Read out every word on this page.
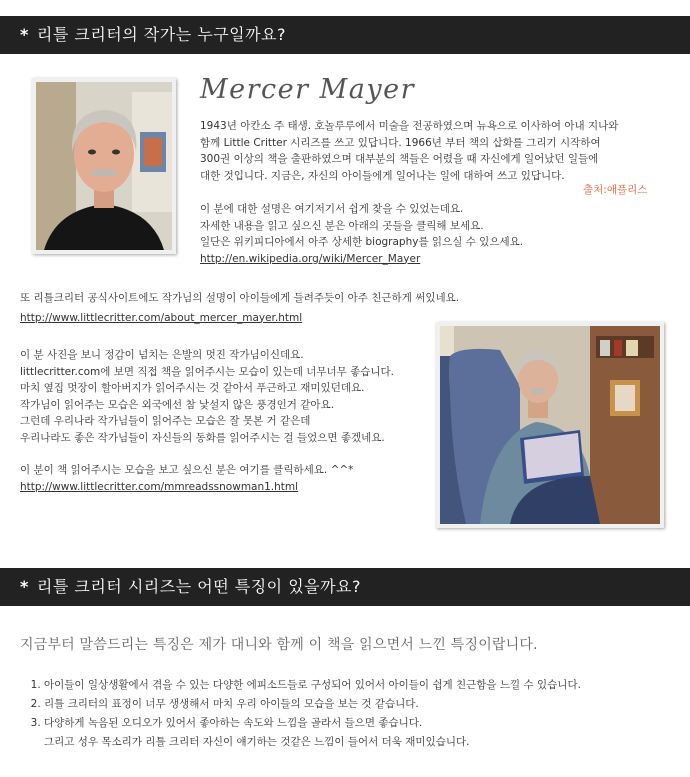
* 리틀 크리터의 작가는 누구일까요?
Mercer Mayer
1943년 아칸소 주 태생. 호놀루루에서 미술을 전공하였으며 뉴욕으로 이사하여 아내 지나와
함께 Little Critter 시리즈를 쓰고 있답니다. 1966년 부터 책의 삽화를 그리기 시작하여
300권 이상의 책을 출판하였으며 대부분의 책들은 어렸을 때 자신에게 일어났던 일들에
대한 것입니다. 지금은, 자신의 아이들에게 일어나는 일에 대하여 쓰고 있답니다.
출처:애플리스
이 분에 대한 설명은 여기저기서 쉽게 찾을 수 있었는데요.
자세한 내용을 읽고 싶으신 분은 아래의 곳들을 클릭해 보세요.
일단은 위키피디아에서 아주 상세한 biography를 읽으실 수 있으세요.
http://en.wikipedia.org/wiki/Mercer_Mayer
또 리틀크리터 공식사이트에도 작가님의 설명이 아이들에게 들려주듯이 아주 친근하게 써있네요.
http://www.littlecritter.com/about_mercer_mayer.html
이 분 사진을 보니 정감이 넘치는 은발의 멋진 작가님이신데요.
littlecritter.com에 보면 직접 책을 읽어주시는 모습이 있는데 너무너무 좋습니다.
마치 옆집 멋장이 할아버지가 읽어주시는 것 같아서 푸근하고 재미있던데요.
작가님이 읽어주는 모습은 외국에선 참 낯설지 않은 풍경인거 같아요.
그런데 우리나라 작가님들이 읽어주는 모습은 잘 못본 거 같은데
우리나라도 좋은 작가님들이 자신들의 동화를 읽어주시는 걸 들었으면 좋겠네요.
이 분이 책 읽어주시는 모습을 보고 싶으신 분은 여기를 클릭하세요. ^^*
http://www.littlecritter.com/mmreadssnowman1.html
* 리틀 크리터 시리즈는 어떤 특징이 있을까요?
지금부터 말씀드리는 특징은 제가 대니와 함께 이 책을 읽으면서 느낀 특징이랍니다.
1. 아이들이 일상생활에서 겪을 수 있는 다양한 에피소드들로 구성되어 있어서 아이들이 쉽게 친근함을 느낄 수 있습니다.
2. 리틀 크리터의 표정이 너무 생생해서 마치 우리 아이들의 모습을 보는 것 같습니다.
3. 다양하게 녹음된 오디오가 있어서 좋아하는 속도와 느낌을 골라서 들으면 좋습니다.
그리고 성우 목소리가 리틀 크리터 자신이 얘기하는 것같은 느낌이 들어서 더욱 재미있습니다.
